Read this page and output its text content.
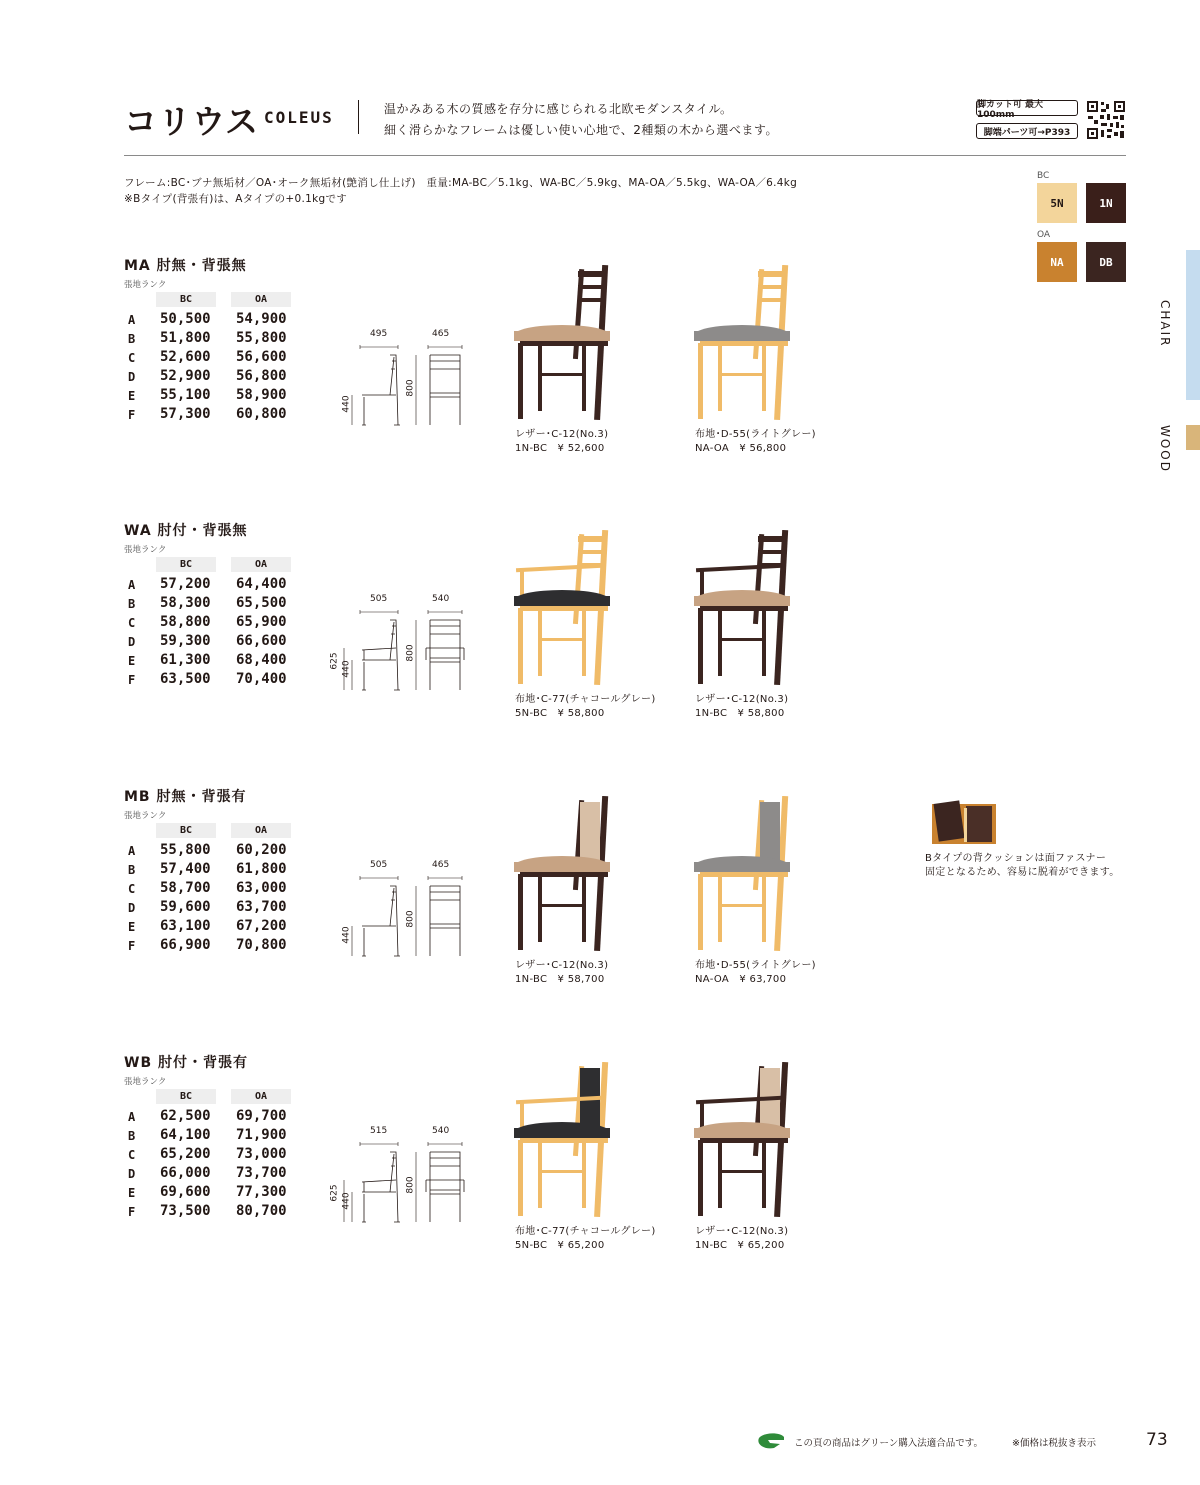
コリウス COLEUS	温かみある木の質感を存分に感じられる北欧モダンスタイル。
細く滑らかなフレームは優しい使い心地で、2種類の木から選べます。
脚カット可 最大100mm
脚端パーツ可→P393
フレーム:BC･ブナ無垢材／OA･オーク無垢材(艶消し仕上げ)　重量:MA-BC／5.1kg、WA-BC／5.9kg、MA-OA／5.5kg、WA-OA／6.4kg
※Bタイプ(背張有)は、Aタイプの+0.1kgです
BC
5N	1N
OA
NA	DB
CHAIR
WOOD
MA 肘無・背張無
張地ランク
BC	OA
A 50,500 54,900
B 51,800 55,800
C 52,600 56,600
D 52,900 56,800
E 55,100 58,900
F 57,300 60,800
495	465
800
440
レザー･C-12(No.3)
1N-BC　¥ 52,600
布地･D-55(ライトグレー)
NA-OA　¥ 56,800
WA 肘付・背張無
張地ランク
BC	OA
A 57,200 64,400
B 58,300 65,500
C 58,800 65,900
D 59,300 66,600
E 61,300 68,400
F 63,500 70,400
505	540
800
440
625
布地･C-77(チャコールグレー)
5N-BC　¥ 58,800
レザー･C-12(No.3)
1N-BC　¥ 58,800
MB 肘無・背張有
張地ランク
BC	OA
A 55,800 60,200
B 57,400 61,800
C 58,700 63,000
D 59,600 63,700
E 63,100 67,200
F 66,900 70,800
505	465
800
440
レザー･C-12(No.3)
1N-BC　¥ 58,700
布地･D-55(ライトグレー)
NA-OA　¥ 63,700
WB 肘付・背張有
張地ランク
BC	OA
A 62,500 69,700
B 64,100 71,900
C 65,200 73,000
D 66,000 73,700
E 69,600 77,300
F 73,500 80,700
515	540
800
440
625
布地･C-77(チャコールグレー)
5N-BC　¥ 65,200
レザー･C-12(No.3)
1N-BC　¥ 65,200
Bタイプの背クッションは面ファスナー
固定となるため、容易に脱着ができます。
この頁の商品はグリーン購入法適合品です。	※価格は税抜き表示	73
